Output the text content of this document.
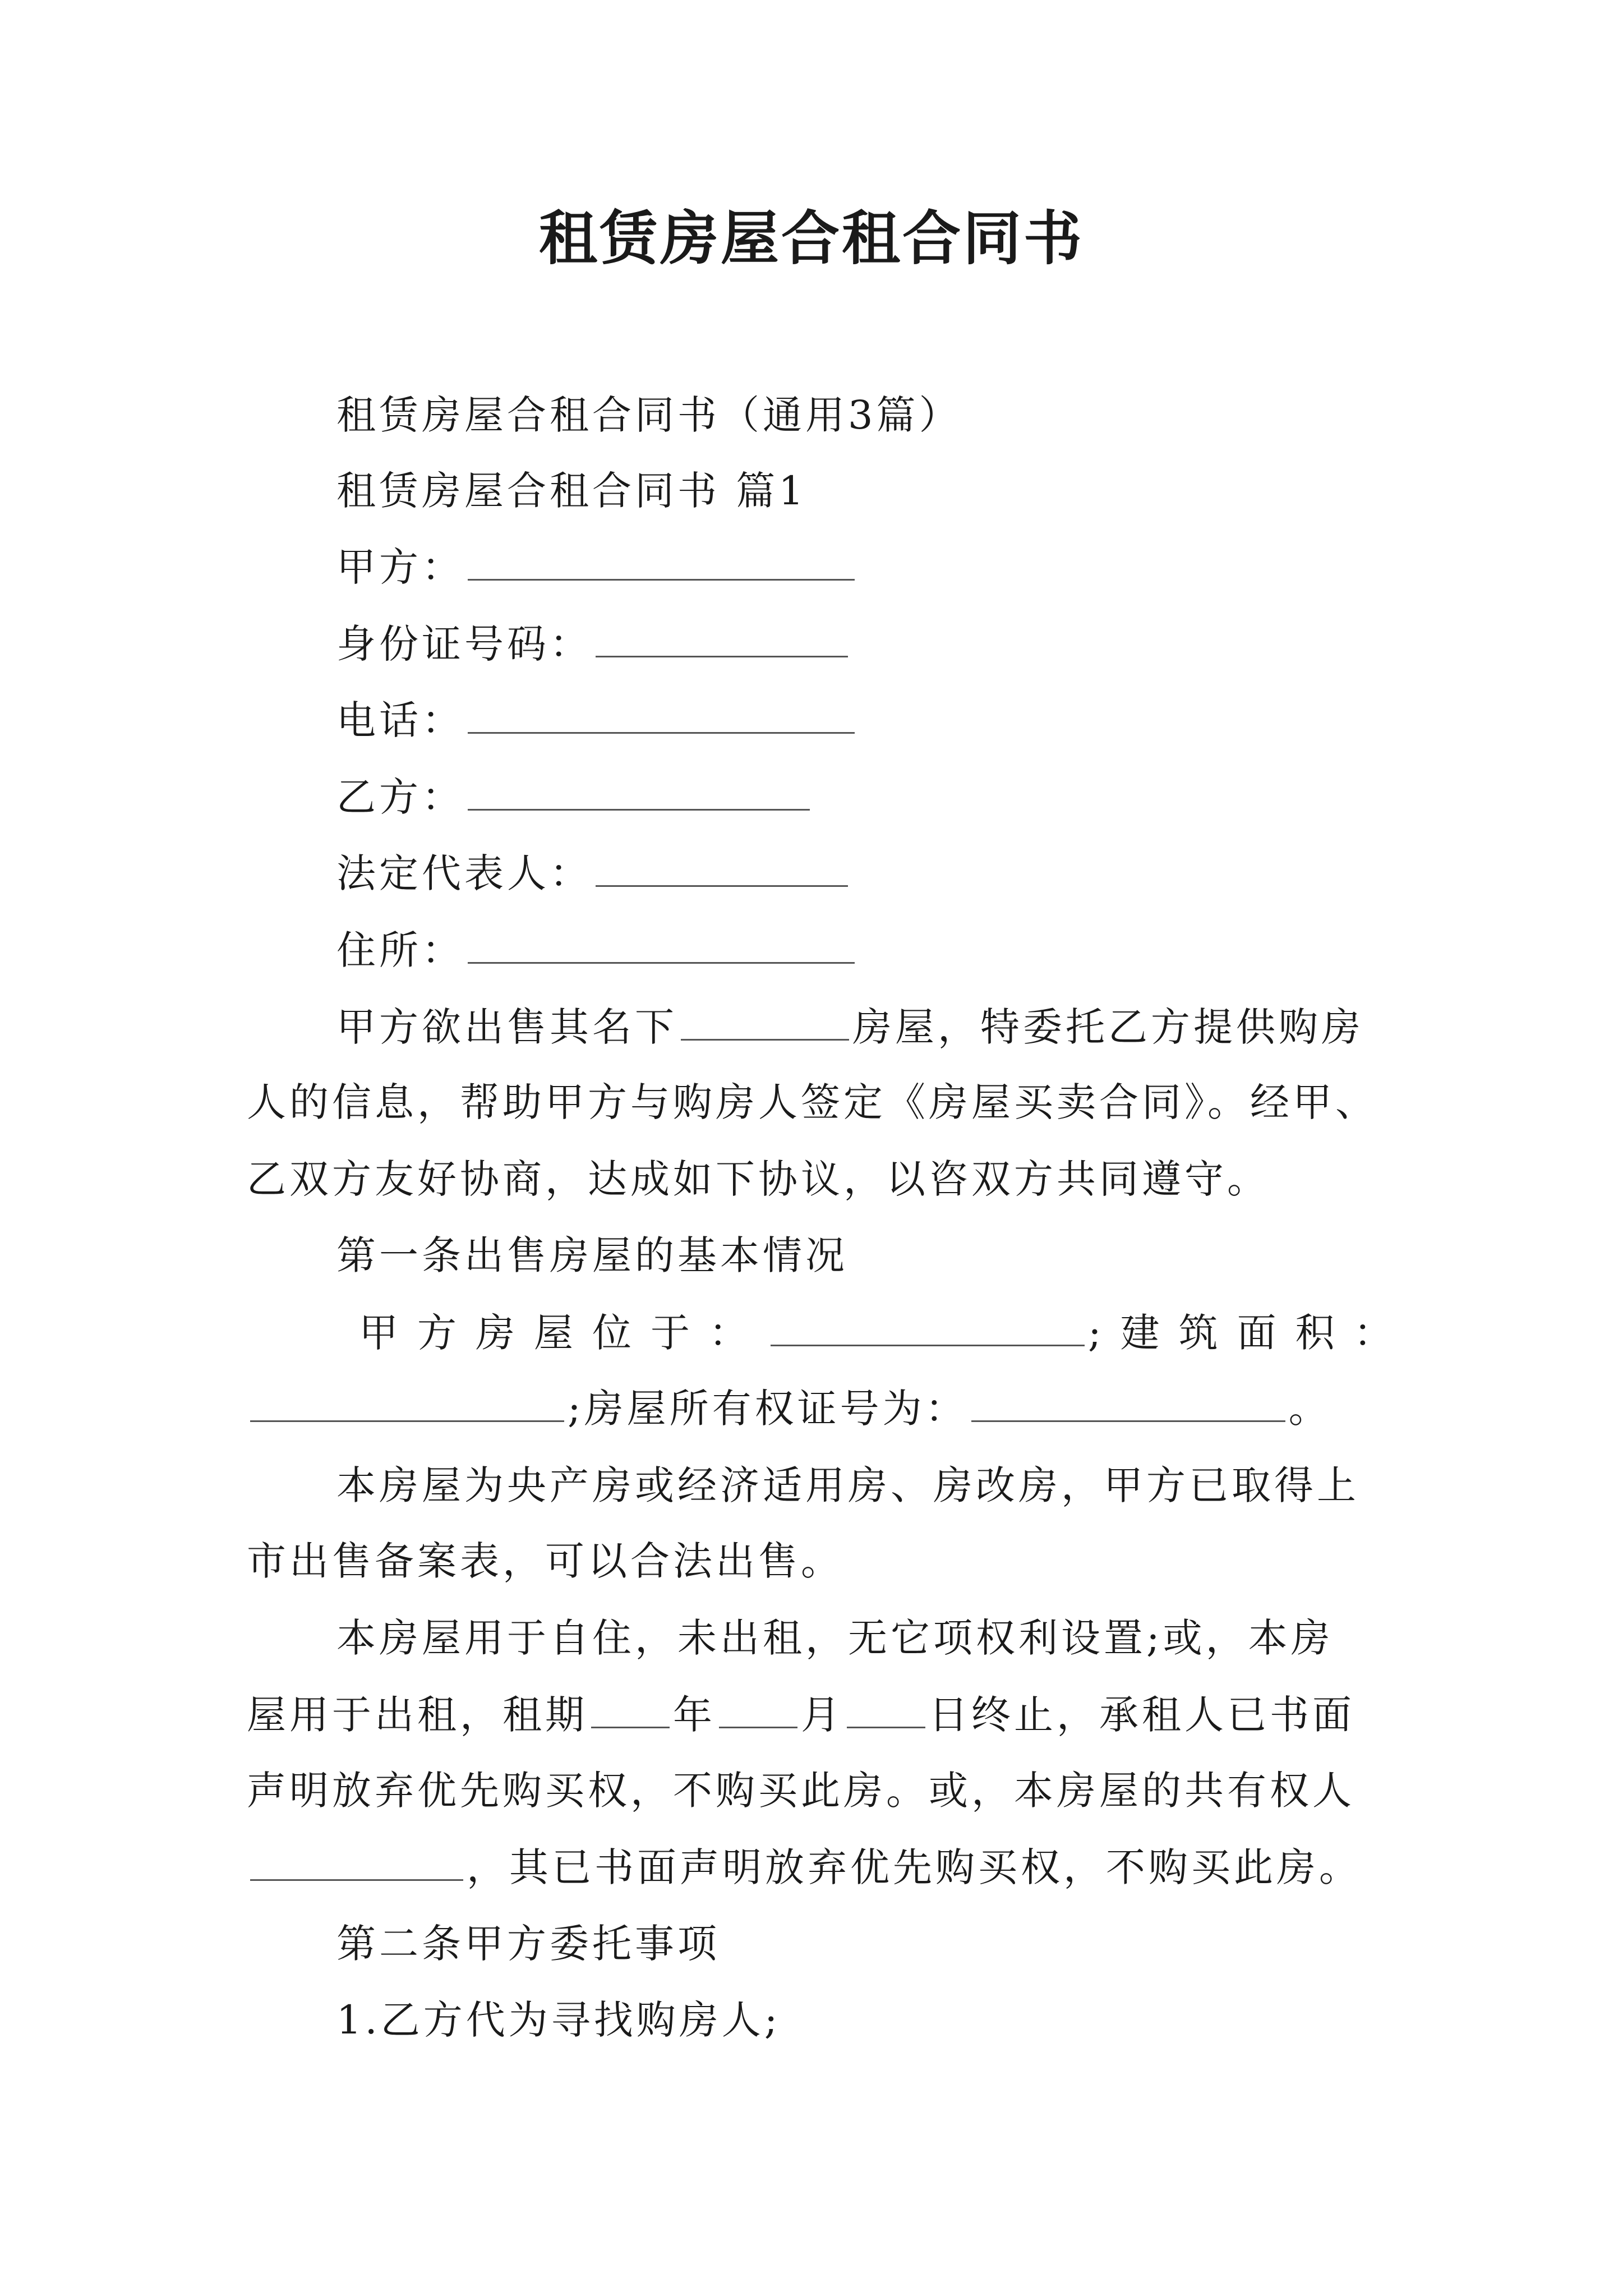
租赁房屋合租合同书
租赁房屋合租合同书（通用3篇）
租赁房屋合租合同书 篇1
甲方：
身份证号码：
电话：
乙方：
法定代表人：
住所：
甲方欲出售其名下	房屋，特委托乙方提供购房
人的信息，帮助甲方与购房人签定《房屋买卖合同》。经甲、
乙双方友好协商，达成如下协议，以咨双方共同遵守。
第一条出售房屋的基本情况
甲方房屋位于：	;建筑面积：
;房屋所有权证号为：	。
本房屋为央产房或经济适用房、房改房，甲方已取得上
市出售备案表，可以合法出售。
本房屋用于自住，未出租，无它项权利设置;或，本房
屋用于出租，租期 年 月 日终止，承租人已书面
声明放弃优先购买权，不购买此房。或，本房屋的共有权人
，其已书面声明放弃优先购买权，不购买此房。
第二条甲方委托事项
1.乙方代为寻找购房人;
